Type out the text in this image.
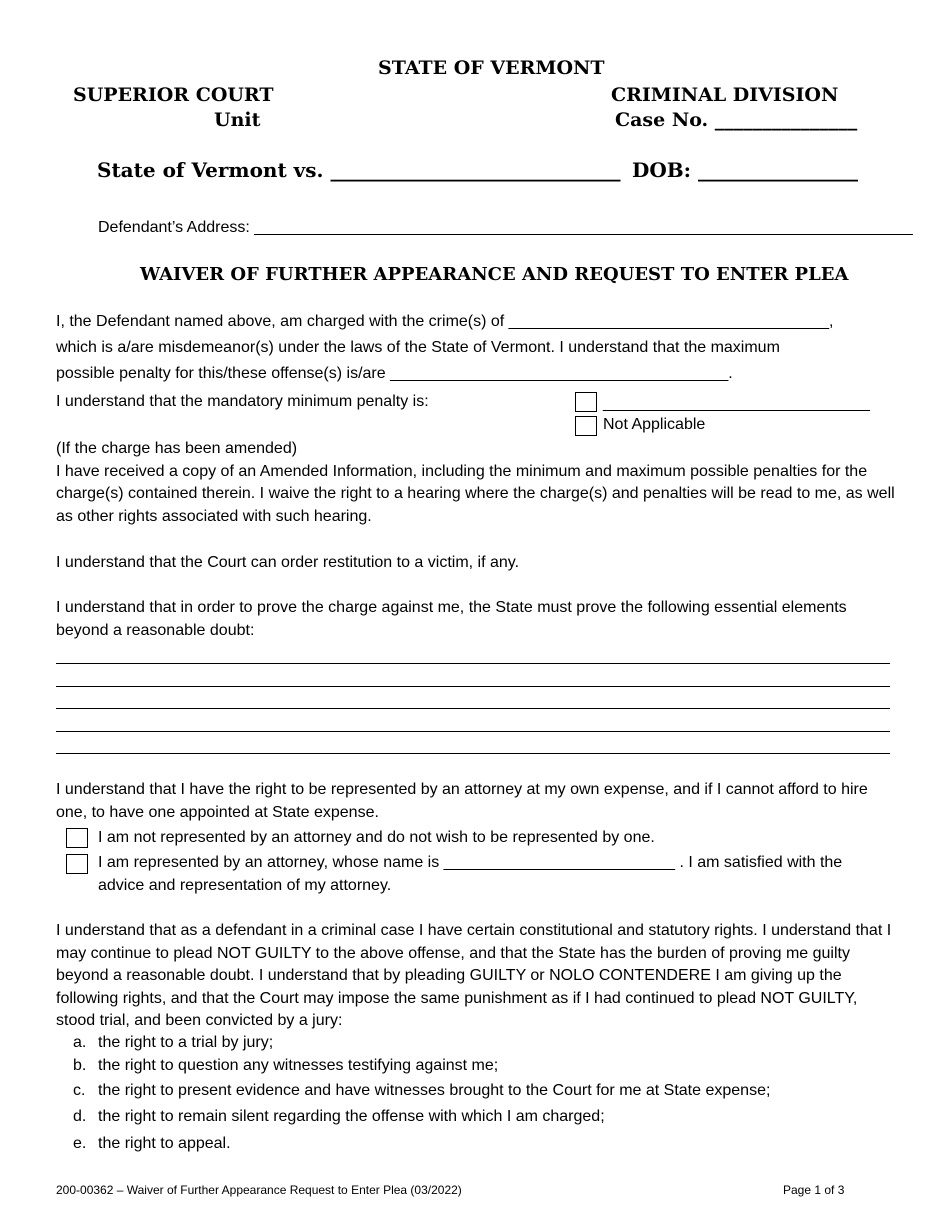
STATE OF VERMONT
SUPERIOR COURT
Unit
CRIMINAL DIVISION
Case No. _______________
State of Vermont vs. _____________________________ DOB: ________________
Defendant’s Address: __________________________________________________________________________
WAIVER OF FURTHER APPEARANCE AND REQUEST TO ENTER PLEA
I, the Defendant named above, am charged with the crime(s) of ____________________________________,
which is a/are misdemeanor(s) under the laws of the State of Vermont. I understand that the maximum
possible penalty for this/these offense(s) is/are ______________________________________.
I understand that the mandatory minimum penalty is:	______________________________
Not Applicable

(If the charge has been amended)

I have received a copy of an Amended Information, including the minimum and maximum possible penalties for the charge(s) contained therein. I waive the right to a hearing where the charge(s) and penalties will be read to me, as well as other rights associated with such hearing.

I understand that the Court can order restitution to a victim, if any.
I understand that in order to prove the charge against me, the State must prove the following essential elements beyond a reasonable doubt:
I understand that I have the right to be represented by an attorney at my own expense, and if I cannot afford to hire one, to have one appointed at State expense.
I am not represented by an attorney and do not wish to be represented by one.
I am represented by an attorney, whose name is __________________________ . I am satisfied with the
advice and representation of my attorney.
I understand that as a defendant in a criminal case I have certain constitutional and statutory rights. I understand that I may continue to plead NOT GUILTY to the above offense, and that the State has the burden of proving me guilty beyond a reasonable doubt. I understand that by pleading GUILTY or NOLO CONTENDERE I am giving up the following rights, and that the Court may impose the same punishment as if I had continued to plead NOT GUILTY, stood trial, and been convicted by a jury:
a. the right to a trial by jury;
b. the right to question any witnesses testifying against me;
c. the right to present evidence and have witnesses brought to the Court for me at State expense;
d. the right to remain silent regarding the offense with which I am charged;
e. the right to appeal.
200-00362 – Waiver of Further Appearance Request to Enter Plea (03/2022)	Page 1 of 3
